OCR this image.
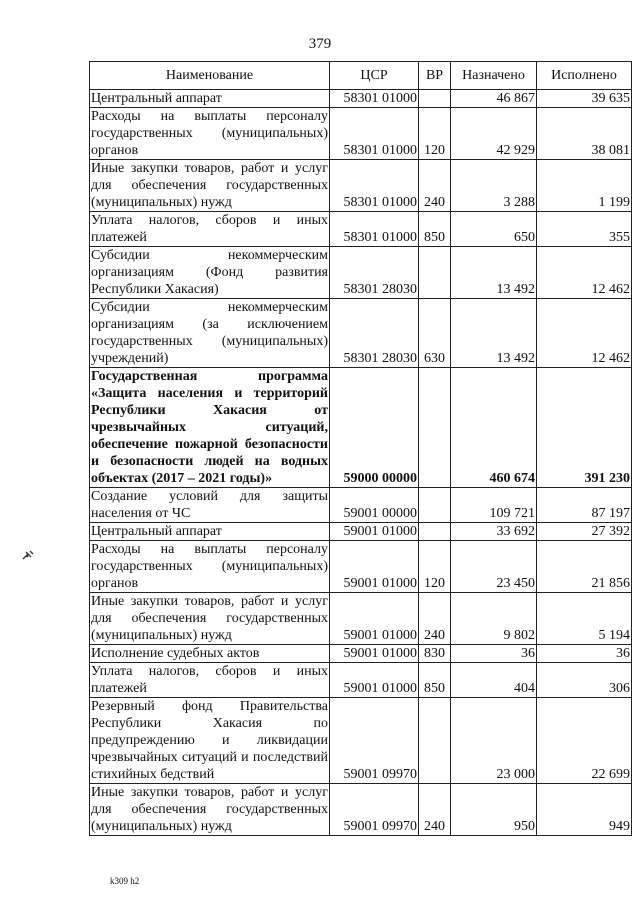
379
Наименование	ЦСР	ВР	Назначено	Исполнено
Центральный аппарат	58301 01000		46 867	39 635
Расходы на выплаты персоналу государственных (муниципальных) органов	58301 01000	120	42 929	38 081
Иные закупки товаров, работ и услуг для обеспечения государственных (муниципальных) нужд	58301 01000	240	3 288	1 199
Уплата налогов, сборов и иных платежей	58301 01000	850	650	355
Субсидии некоммерческим организациям (Фонд развития Республики Хакасия)	58301 28030		13 492	12 462
Субсидии некоммерческим организациям (за исключением государственных (муниципальных) учреждений)	58301 28030	630	13 492	12 462
Государственная программа «Защита населения и территорий Республики Хакасия от чрезвычайных ситуаций, обеспечение пожарной безопасности и безопасности людей на водных объектах (2017 – 2021 годы)»	59000 00000		460 674	391 230
Создание условий для защиты населения от ЧС	59001 00000		109 721	87 197
Центральный аппарат	59001 01000		33 692	27 392
Расходы на выплаты персоналу государственных (муниципальных) органов	59001 01000	120	23 450	21 856
Иные закупки товаров, работ и услуг для обеспечения государственных (муниципальных) нужд	59001 01000	240	9 802	5 194
Исполнение судебных актов	59001 01000	830	36	36
Уплата налогов, сборов и иных платежей	59001 01000	850	404	306
Резервный фонд Правительства Республики Хакасия по предупреждению и ликвидации чрезвычайных ситуаций и последствий стихийных бедствий	59001 09970		23 000	22 699
Иные закупки товаров, работ и услуг для обеспечения государственных (муниципальных) нужд	59001 09970	240	950	949
k309 h2
